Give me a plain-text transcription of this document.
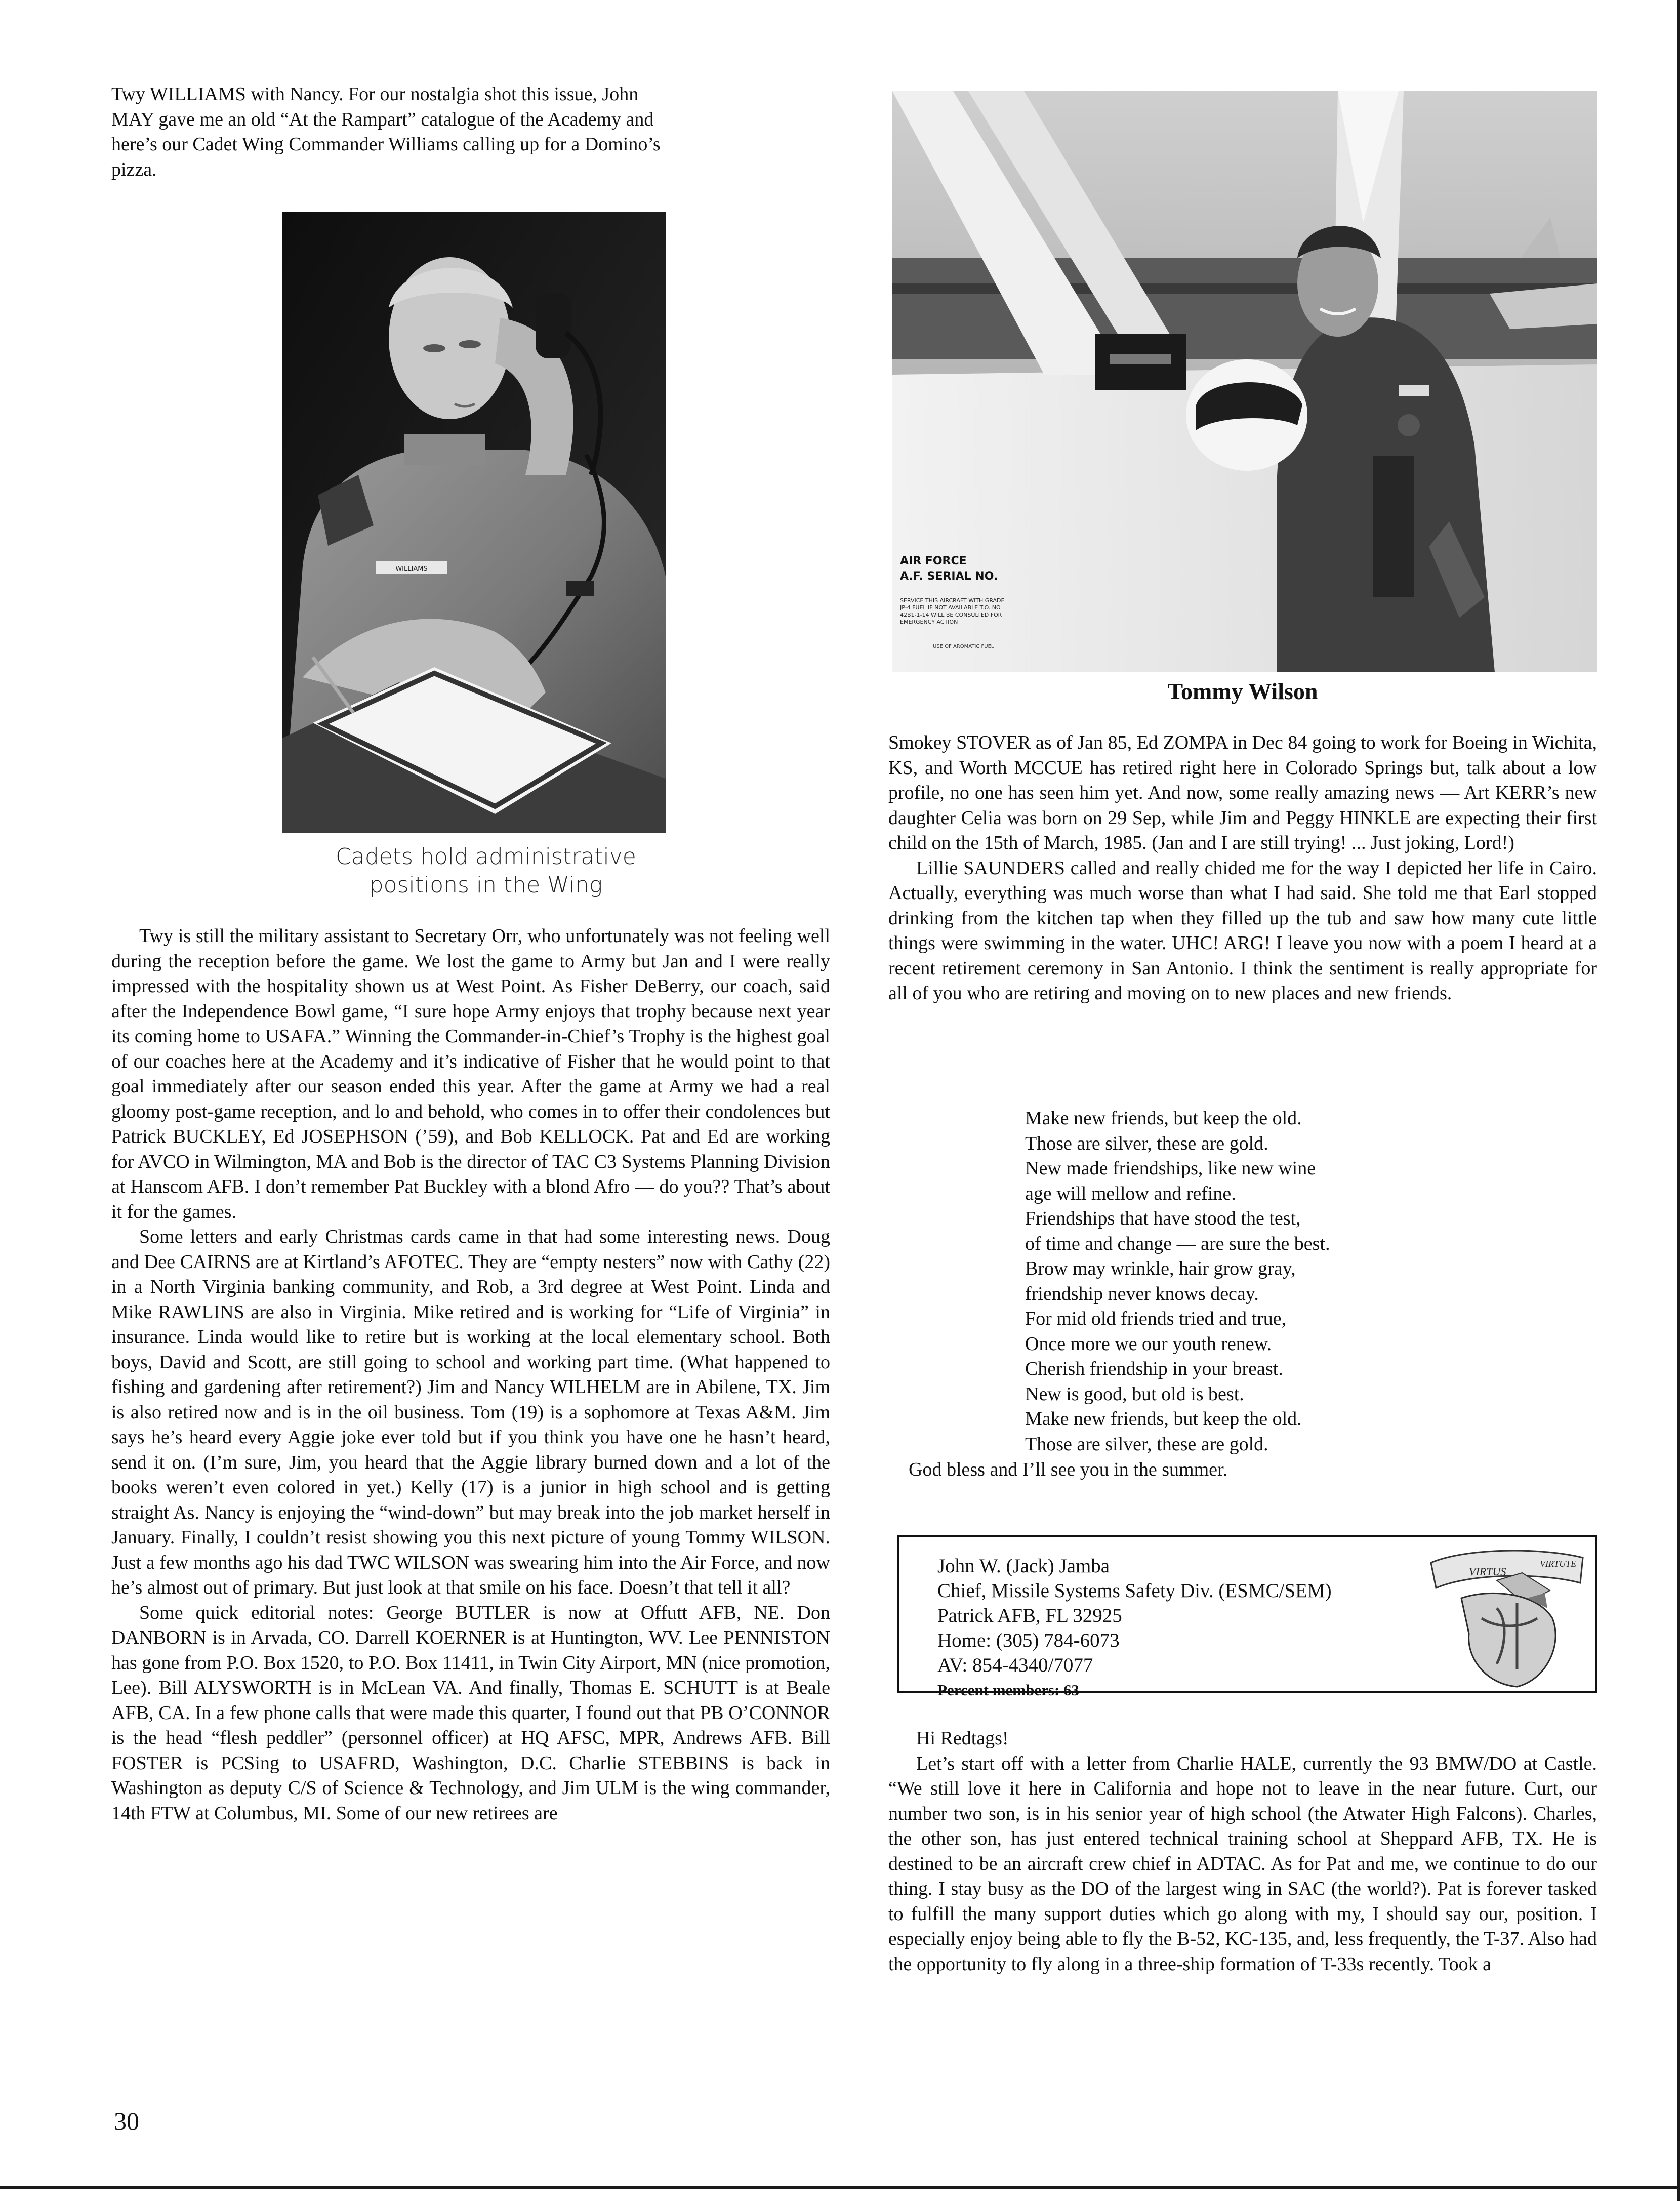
Twy WILLIAMS with Nancy. For our nostalgia shot this issue, John
MAY gave me an old “At the Rampart” catalogue of the Academy and
here’s our Cadet Wing Commander Williams calling up for a Domino’s
pizza.

WILLIAMS
Cadets hold administrative
positions in the Wing

Twy is still the military assistant to Secretary Orr, who unfortunately was not feeling well during the reception before the game. We lost the game to Army but Jan and I were really impressed with the hospitality shown us at West Point. As Fisher DeBerry, our coach, said after the Independence Bowl game, “I sure hope Army enjoys that trophy because next year its coming home to USAFA.” Winning the Commander-in-Chief’s Trophy is the highest goal of our coaches here at the Academy and it’s indicative of Fisher that he would point to that goal immediately after our season ended this year. After the game at Army we had a real gloomy post-game reception, and lo and behold, who comes in to offer their condolences but Patrick BUCKLEY, Ed JOSEPHSON (’59), and Bob KELLOCK. Pat and Ed are working for AVCO in Wilmington, MA and Bob is the director of TAC C3 Systems Planning Division at Hanscom AFB. I don’t remember Pat Buckley with a blond Afro — do you?? That’s about it for the games.

Some letters and early Christmas cards came in that had some interesting news. Doug and Dee CAIRNS are at Kirtland’s AFOTEC. They are “empty nesters” now with Cathy (22) in a North Virginia banking community, and Rob, a 3rd degree at West Point. Linda and Mike RAWLINS are also in Virginia. Mike retired and is working for “Life of Virginia” in insurance. Linda would like to retire but is working at the local elementary school. Both boys, David and Scott, are still going to school and working part time. (What happened to fishing and gardening after retirement?) Jim and Nancy WILHELM are in Abilene, TX. Jim is also retired now and is in the oil business. Tom (19) is a sophomore at Texas A&M. Jim says he’s heard every Aggie joke ever told but if you think you have one he hasn’t heard, send it on. (I’m sure, Jim, you heard that the Aggie library burned down and a lot of the books weren’t even colored in yet.) Kelly (17) is a junior in high school and is getting straight As. Nancy is enjoying the “wind-down” but may break into the job market herself in January. Finally, I couldn’t resist showing you this next picture of young Tommy WILSON. Just a few months ago his dad TWC WILSON was swearing him into the Air Force, and now he’s almost out of primary. But just look at that smile on his face. Doesn’t that tell it all?

Some quick editorial notes: George BUTLER is now at Offutt AFB, NE. Don DANBORN is in Arvada, CO. Darrell KOERNER is at Huntington, WV. Lee PENNISTON has gone from P.O. Box 1520, to P.O. Box 11411, in Twin City Airport, MN (nice promotion, Lee). Bill ALYSWORTH is in McLean VA. And finally, Thomas E. SCHUTT is at Beale AFB, CA. In a few phone calls that were made this quarter, I found out that PB O’CONNOR is the head “flesh peddler” (personnel officer) at HQ AFSC, MPR, Andrews AFB. Bill FOSTER is PCSing to USAFRD, Washington, D.C. Charlie STEBBINS is back in Washington as deputy C/S of Science & Technology, and Jim ULM is the wing commander, 14th FTW at Columbus, MI. Some of our new retirees are

AIR FORCE
A.F. SERIAL NO.
SERVICE THIS AIRCRAFT WITH GRADE
JP-4 FUEL IF NOT AVAILABLE T.O. NO
42B1-1-14 WILL BE CONSULTED FOR
EMERGENCY ACTION
USE OF AROMATIC FUEL
Tommy Wilson

Smokey STOVER as of Jan 85, Ed ZOMPA in Dec 84 going to work for Boeing in Wichita, KS, and Worth MCCUE has retired right here in Colorado Springs but, talk about a low profile, no one has seen him yet. And now, some really amazing news — Art KERR’s new daughter Celia was born on 29 Sep, while Jim and Peggy HINKLE are expecting their first child on the 15th of March, 1985. (Jan and I are still trying! ... Just joking, Lord!)

Lillie SAUNDERS called and really chided me for the way I depicted her life in Cairo. Actually, everything was much worse than what I had said. She told me that Earl stopped drinking from the kitchen tap when they filled up the tub and saw how many cute little things were swimming in the water. UHC! ARG! I leave you now with a poem I heard at a recent retirement ceremony in San Antonio. I think the sentiment is really appropriate for all of you who are retiring and moving on to new places and new friends.

Make new friends, but keep the old.
Those are silver, these are gold.
New made friendships, like new wine
age will mellow and refine.
Friendships that have stood the test,
of time and change — are sure the best.
Brow may wrinkle, hair grow gray,
friendship never knows decay.
For mid old friends tried and true,
Once more we our youth renew.
Cherish friendship in your breast.
New is good, but old is best.
Make new friends, but keep the old.
Those are silver, these are gold.
God bless and I’ll see you in the summer.
John W. (Jack) Jamba
Chief, Missile Systems Safety Div. (ESMC/SEM)
Patrick AFB, FL 32925
Home: (305) 784-6073
AV: 854-4340/7077
Percent members: 63
VIRTUS
VIRTUTE

Hi Redtags!

Let’s start off with a letter from Charlie HALE, currently the 93 BMW/DO at Castle. “We still love it here in California and hope not to leave in the near future. Curt, our number two son, is in his senior year of high school (the Atwater High Falcons). Charles, the other son, has just entered technical training school at Sheppard AFB, TX. He is destined to be an aircraft crew chief in ADTAC. As for Pat and me, we continue to do our thing. I stay busy as the DO of the largest wing in SAC (the world?). Pat is forever tasked to fulfill the many support duties which go along with my, I should say our, position. I especially enjoy being able to fly the B-52, KC-135, and, less frequently, the T-37. Also had the opportunity to fly along in a three-ship formation of T-33s recently. Took a

30
